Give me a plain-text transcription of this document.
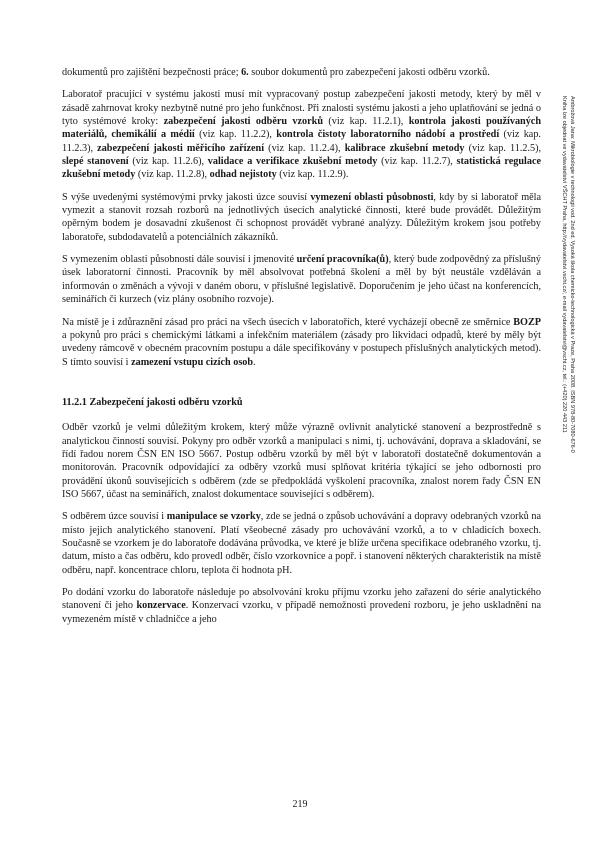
Ambrožová Jana: Mikrobiologie v technologii vod. 2nd ed. Vysoká škola chemicko-technologická v Praze, Praha 2008. ISBN 978-80-7080-676-0
Kniha lze objednat ve vydavatelství VŠCHT Praha, http://vydavatelstvi.vscht.cz/, e-mail vydavatelstvi@vscht.cz, tel.: (+420) 220 443 211

dokumentů pro zajištění bezpečnosti práce; 6. soubor dokumentů pro zabezpečení jakosti odběru vzorků.

Laboratoř pracující v systému jakosti musí mít vypracovaný postup zabezpečení jakosti metody, který by měl v zásadě zahrnovat kroky nezbytně nutné pro jeho funkčnost. Při znalosti systému jakosti a jeho uplatňování se jedná o tyto systémové kroky: zabezpečení jakosti odběru vzorků (viz kap. 11.2.1), kontrola jakosti používaných materiálů, chemikálií a médií (viz kap. 11.2.2), kontrola čistoty laboratorního nádobí a prostředí (viz kap. 11.2.3), zabezpečení jakosti měřicího zařízení (viz kap. 11.2.4), kalibrace zkušební metody (viz kap. 11.2.5), slepé stanovení (viz kap. 11.2.6), validace a verifikace zkušební metody (viz kap. 11.2.7), statistická regulace zkušební metody (viz kap. 11.2.8), odhad nejistoty (viz kap. 11.2.9).

S výše uvedenými systémovými prvky jakosti úzce souvisí vymezení oblasti působnosti, kdy by si laboratoř měla vymezit a stanovit rozsah rozborů na jednotlivých úsecích analytické činnosti, které bude provádět. Důležitým opěrným bodem je dosavadní zkušenost či schopnost provádět vybrané analýzy. Důležitým krokem jsou potřeby laboratoře, subdodavatelů a potenciálních zákazníků.

S vymezením oblasti působnosti dále souvisí i jmenovité určení pracovníka(ů), který bude zodpovědný za příslušný úsek laboratorní činnosti. Pracovník by měl absolvovat potřebná školení a měl by být neustále vzděláván a informován o změnách a vývoji v daném oboru, v příslušné legislativě. Doporučením je jeho účast na konferencích, seminářích či kurzech (viz plány osobního rozvoje).

Na místě je i zdůraznění zásad pro práci na všech úsecích v laboratořích, které vycházejí obecně ze směrnice BOZP a pokynů pro práci s chemickými látkami a infekčním materiálem (zásady pro likvidaci odpadů, které by měly být uvedeny rámcově v obecném pracovním postupu a dále specifikovány v postupech příslušných analytických metod). S tímto souvisí i zamezení vstupu cizích osob.

11.2.1 Zabezpečení jakosti odběru vzorků

Odběr vzorků je velmi důležitým krokem, který může výrazně ovlivnit analytické stanovení a bezprostředně s analytickou činností souvisí. Pokyny pro odběr vzorků a manipulaci s nimi, tj. uchovávání, doprava a skladování, se řídí řadou norem ČSN EN ISO 5667. Postup odběru vzorků by měl být v laboratoři dostatečně dokumentován a monitorován. Pracovník odpovídající za odběry vzorků musí splňovat kritéria týkající se jeho odbornosti pro provádění úkonů souvisejících s odběrem (zde se předpokládá vyškolení pracovníka, znalost norem řady ČSN EN ISO 5667, účast na seminářích, znalost dokumentace související s odběrem).

S odběrem úzce souvisí i manipulace se vzorky, zde se jedná o způsob uchovávání a dopravy odebraných vzorků na místo jejich analytického stanovení. Platí všeobecné zásady pro uchovávání vzorků, a to v chladicích boxech. Současně se vzorkem je do laboratoře dodávána průvodka, ve které je blíže určena specifikace odebraného vzorku, tj. datum, místo a čas odběru, kdo provedl odběr, číslo vzorkovnice a popř. i stanovení některých charakteristik na místě odběru, např. koncentrace chloru, teplota či hodnota pH.

Po dodání vzorku do laboratoře následuje po absolvování kroku příjmu vzorku jeho zařazení do série analytického stanovení či jeho konzervace. Konzervací vzorku, v případě nemožnosti provedení rozboru, je jeho uskladnění na vymezeném místě v chladničce a jeho

219
